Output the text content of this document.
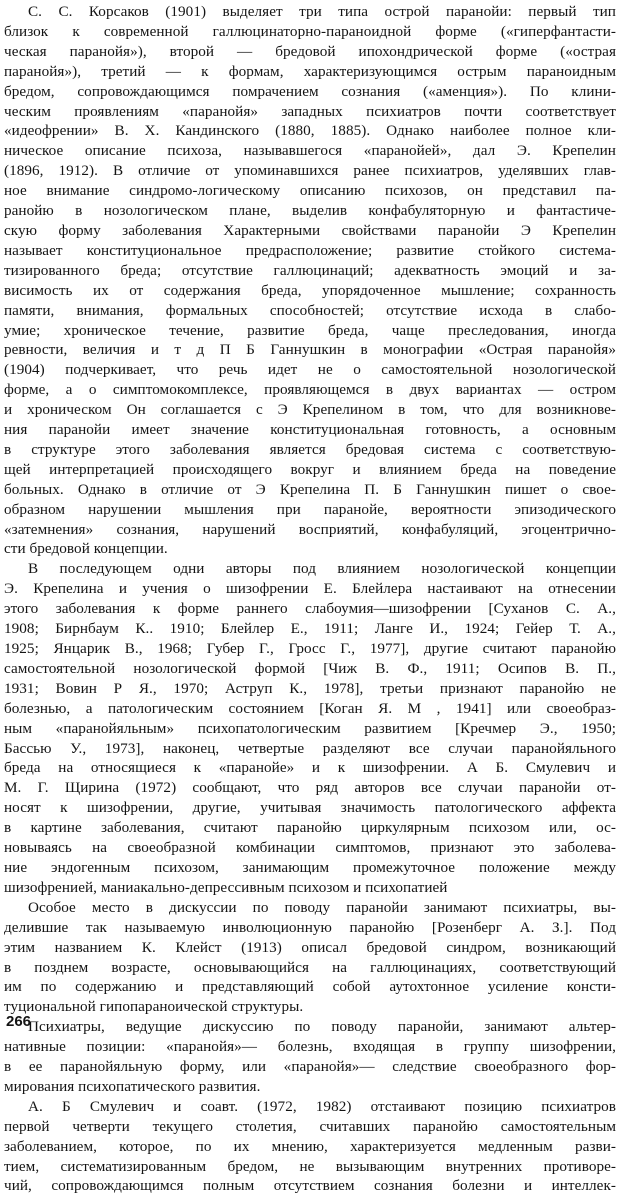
С. С. Корсаков (1901) выделяет три типа острой паранойи: первый тип
близок к современной галлюцинаторно-параноидной форме («гиперфантасти-
ческая паранойя»), второй — бредовой ипохондрической форме («острая
паранойя»), третий — к формам, характеризующимся острым параноидным
бредом, сопровождающимся помрачением сознания («аменция»). По клини-
ческим проявлениям «паранойя» западных психиатров почти соответствует
«идеофрении» В. Х. Кандинского (1880, 1885). Однако наиболее полное кли-
ническое описание психоза, называвшегося «паранойей», дал Э. Крепелин
(1896, 1912). В отличие от упоминавшихся ранее психиатров, уделявших глав-
ное внимание синдромо-логическому описанию психозов, он представил па-
ранойю в нозологическом плане, выделив конфабуляторную и фантастиче-
скую форму заболевания Характерными свойствами паранойи Э Крепелин
называет конституциональное предрасположение; развитие стойкого система-
тизированного бреда; отсутствие галлюцинаций; адекватность эмоций и за-
висимость их от содержания бреда, упорядоченное мышление; сохранность
памяти, внимания, формальных способностей; отсутствие исхода в слабо-
умие; хроническое течение, развитие бреда, чаще преследования, иногда
ревности, величия и т д П Б Ганнушкин в монографии «Острая паранойя»
(1904) подчеркивает, что речь идет не о самостоятельной нозологической
форме, а о симптомокомплексе, проявляющемся в двух вариантах — остром
и хроническом Он соглашается с Э Крепелином в том, что для возникнове-
ния паранойи имеет значение конституциональная готовность, а основным
в структуре этого заболевания является бредовая система с соответствую-
щей интерпретацией происходящего вокруг и влиянием бреда на поведение
больных. Однако в отличие от Э Крепелина П. Б Ганнушкин пишет о свое-
образном нарушении мышления при паранойе, вероятности эпизодического
«затемнения» сознания, нарушений восприятий, конфабуляций, эгоцентрично-
сти бредовой концепции.
В последующем одни авторы под влиянием нозологической концепции
Э. Крепелина и учения о шизофрении Е. Блейлера настаивают на отнесении
этого заболевания к форме раннего слабоумия—шизофрении [Суханов С. А.,
1908; Бирнбаум К.. 1910; Блейлер Е., 1911; Ланге И., 1924; Гейер Т. А.,
1925; Янцарик В., 1968; Губер Г., Гросс Г., 1977], другие считают паранойю
самостоятельной нозологической формой [Чиж В. Ф., 1911; Осипов В. П.,
1931; Вовин Р Я., 1970; Аструп К., 1978], третьи признают паранойю не
болезнью, а патологическим состоянием [Коган Я. М , 1941] или своеобраз-
ным «паранойяльным» психопатологическим развитием [Кречмер Э., 1950;
Бассью У., 1973], наконец, четвертые разделяют все случаи паранойяльного
бреда на относящиеся к «паранойе» и к шизофрении. А Б. Смулевич и
М. Г. Щирина (1972) сообщают, что ряд авторов все случаи паранойи от-
носят к шизофрении, другие, учитывая значимость патологического аффекта
в картине заболевания, считают паранойю циркулярным психозом или, ос-
новываясь на своеобразной комбинации симптомов, признают это заболева-
ние эндогенным психозом, занимающим промежуточное положение между
шизофренией, маниакально-депрессивным психозом и психопатией
Особое место в дискуссии по поводу паранойи занимают психиатры, вы-
делившие так называемую инволюционную паранойю [Розенберг А. З.]. Под
этим названием К. Клейст (1913) описал бредовой синдром, возникающий
в позднем возрасте, основывающийся на галлюцинациях, соответствующий
им по содержанию и представляющий собой аутохтонное усиление консти-
туциональной гипопараноической структуры.
Психиатры, ведущие дискуссию по поводу паранойи, занимают альтер-
нативные позиции: «паранойя»— болезнь, входящая в группу шизофрении,
в ее паранойяльную форму, или «паранойя»— следствие своеобразного фор-
мирования психопатического развития.
А. Б Смулевич и соавт. (1972, 1982) отстаивают позицию психиатров
первой четверти текущего столетия, считавших паранойю самостоятельным
заболеванием, которое, по их мнению, характеризуется медленным разви-
тием, систематизированным бредом, не вызывающим внутренних противоре-
чий, сопровождающимся полным отсутствием сознания болезни и интеллек-
266
